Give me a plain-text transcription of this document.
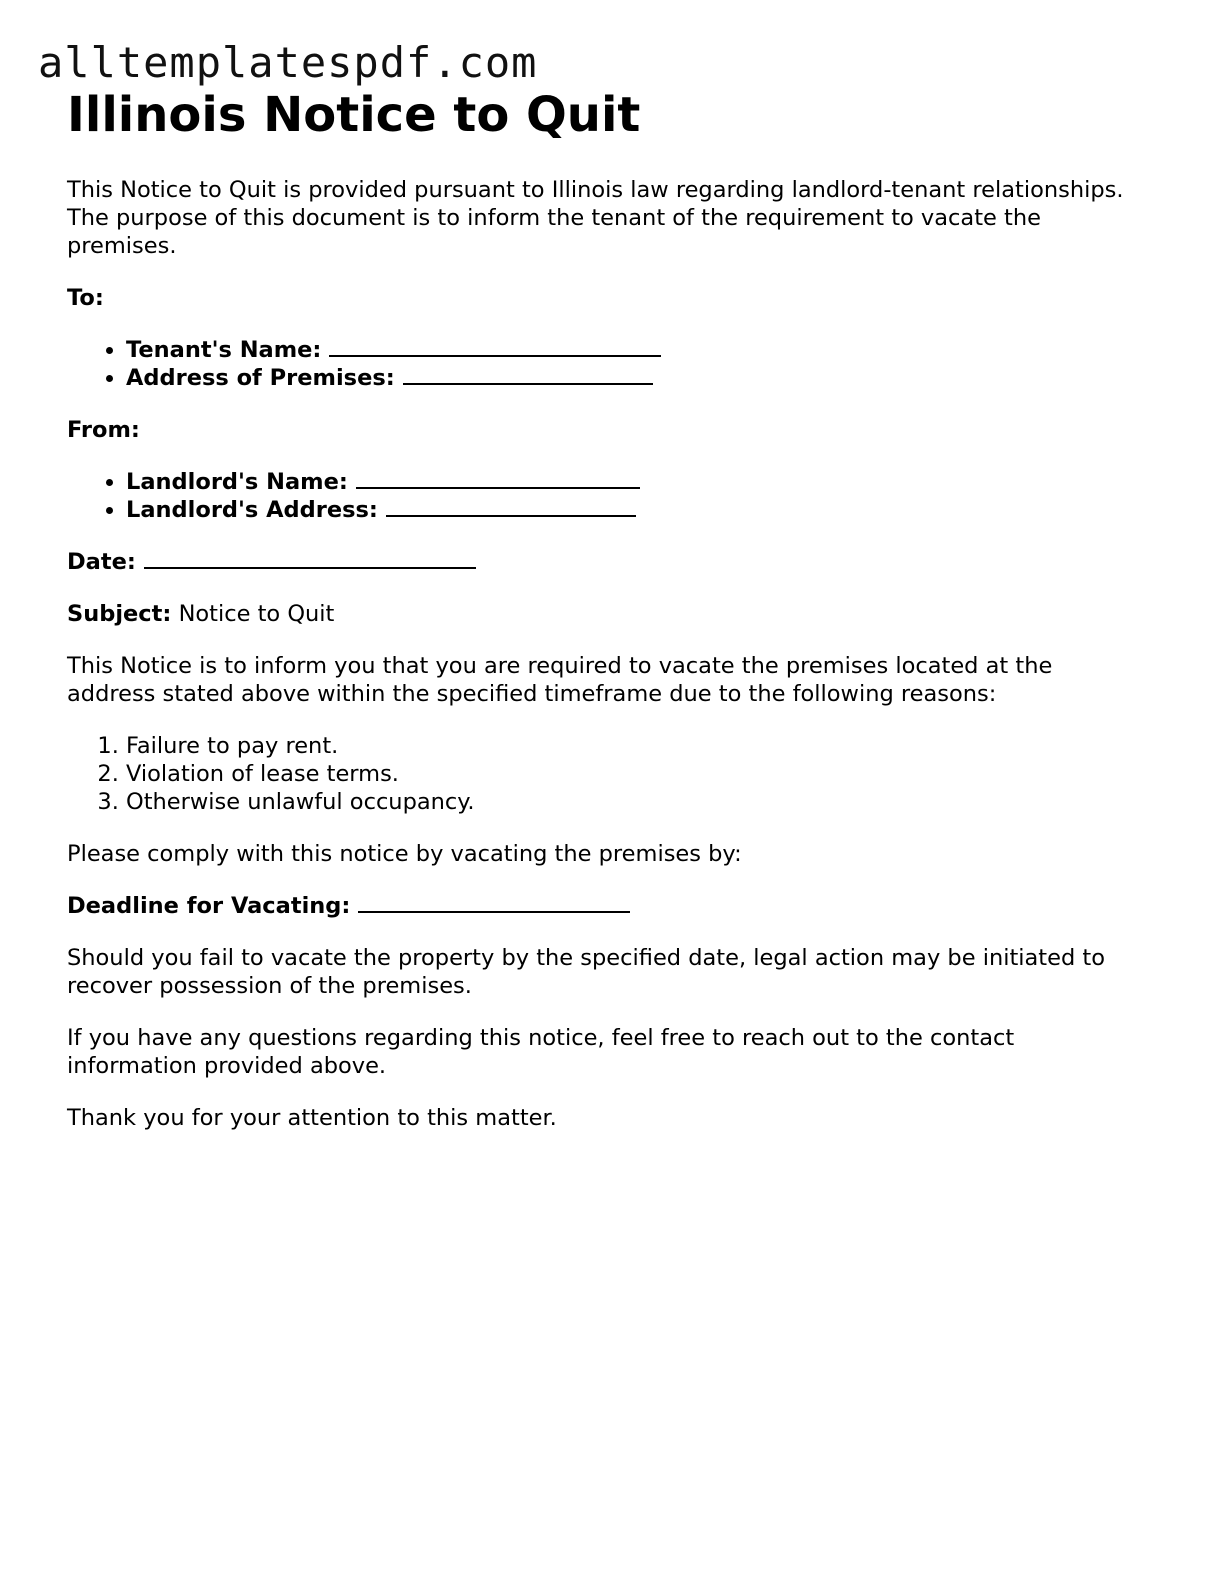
alltemplatespdf.com
Illinois Notice to Quit

This Notice to Quit is provided pursuant to Illinois law regarding landlord-tenant relationships. The purpose of this document is to inform the tenant of the requirement to vacate the premises.

To:

• Tenant's Name:
• Address of Premises:

From:

• Landlord's Name:
• Landlord's Address:

Date:

Subject: Notice to Quit

This Notice is to inform you that you are required to vacate the premises located at the address stated above within the specified timeframe due to the following reasons:

1. Failure to pay rent.
2. Violation of lease terms.
3. Otherwise unlawful occupancy.

Please comply with this notice by vacating the premises by:

Deadline for Vacating:

Should you fail to vacate the property by the specified date, legal action may be initiated to recover possession of the premises.

If you have any questions regarding this notice, feel free to reach out to the contact information provided above.

Thank you for your attention to this matter.
